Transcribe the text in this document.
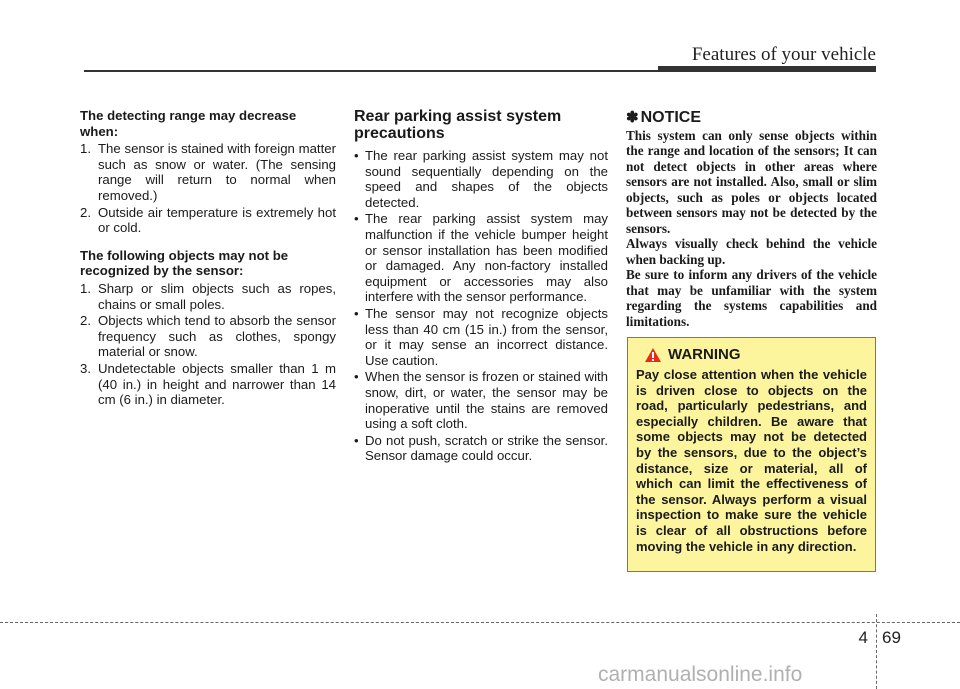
Features of your vehicle

The detecting range may decrease when:

1. The sensor is stained with foreign matter such as snow or water. (The sensing range will return to normal when removed.)
2. Outside air temperature is extremely hot or cold.

The following objects may not be recognized by the sensor:

1. Sharp or slim objects such as ropes, chains or small poles.
2. Objects which tend to absorb the sensor frequency such as clothes, spongy material or snow.
3. Undetectable objects smaller than 1 m (40 in.) in height and narrower than 14 cm (6 in.) in diameter.
Rear parking assist system precautions
• The rear parking assist system may not sound sequentially depending on the speed and shapes of the objects detected.
• The rear parking assist system may malfunction if the vehicle bumper height or sensor installation has been modified or damaged. Any non-factory installed equipment or accessories may also interfere with the sensor performance.
• The sensor may not recognize objects less than 40 cm (15 in.) from the sensor, or it may sense an incorrect distance. Use caution.
• When the sensor is frozen or stained with snow, dirt, or water, the sensor may be inoperative until the stains are removed using a soft cloth.
• Do not push, scratch or strike the sensor. Sensor damage could occur.
✽ NOTICE

This system can only sense objects within the range and location of the sensors; It can not detect objects in other areas where sensors are not installed. Also, small or slim objects, such as poles or objects located between sensors may not be detected by the sensors.

Always visually check behind the vehicle when backing up.

Be sure to inform any drivers of the vehicle that may be unfamiliar with the system regarding the systems capabilities and limitations.

WARNING
Pay close attention when the vehicle is driven close to objects on the road, particularly pedestrians, and especially children. Be aware that some objects may not be detected by the sensors, due to the object’s distance, size or material, all of which can limit the effectiveness of the sensor. Always perform a visual inspection to make sure the vehicle is clear of all obstructions before moving the vehicle in any direction.
4 69
carmanualsonline.info
